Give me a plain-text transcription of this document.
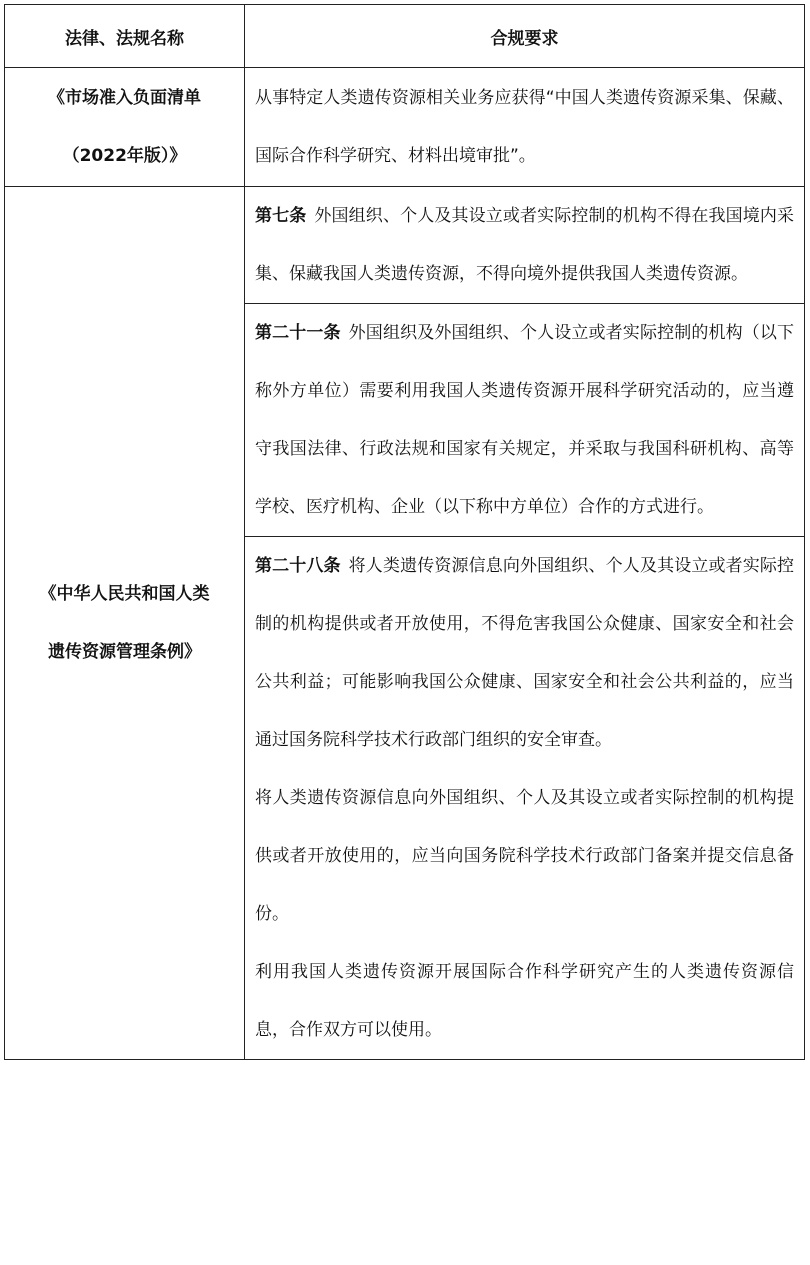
法律、法规名称	合规要求

《市场准入负面清单
（2022年版）》	从事特定人类遗传资源相关业务应获得“中国人类遗传资源采集、保藏、国际合作科学研究、材料出境审批”。

《中华人民共和国人类
遗传资源管理条例》	第七条 外国组织、个人及其设立或者实际控制的机构不得在我国境内采集、保藏我国人类遗传资源，不得向境外提供我国人类遗传资源。

	第二十一条 外国组织及外国组织、个人设立或者实际控制的机构（以下称外方单位）需要利用我国人类遗传资源开展科学研究活动的，应当遵守我国法律、行政法规和国家有关规定，并采取与我国科研机构、高等学校、医疗机构、企业（以下称中方单位）合作的方式进行。

	第二十八条 将人类遗传资源信息向外国组织、个人及其设立或者实际控制的机构提供或者开放使用，不得危害我国公众健康、国家安全和社会公共利益；可能影响我国公众健康、国家安全和社会公共利益的，应当通过国务院科学技术行政部门组织的安全审查。

将人类遗传资源信息向外国组织、个人及其设立或者实际控制的机构提供或者开放使用的，应当向国务院科学技术行政部门备案并提交信息备份。

利用我国人类遗传资源开展国际合作科学研究产生的人类遗传资源信息，合作双方可以使用。
